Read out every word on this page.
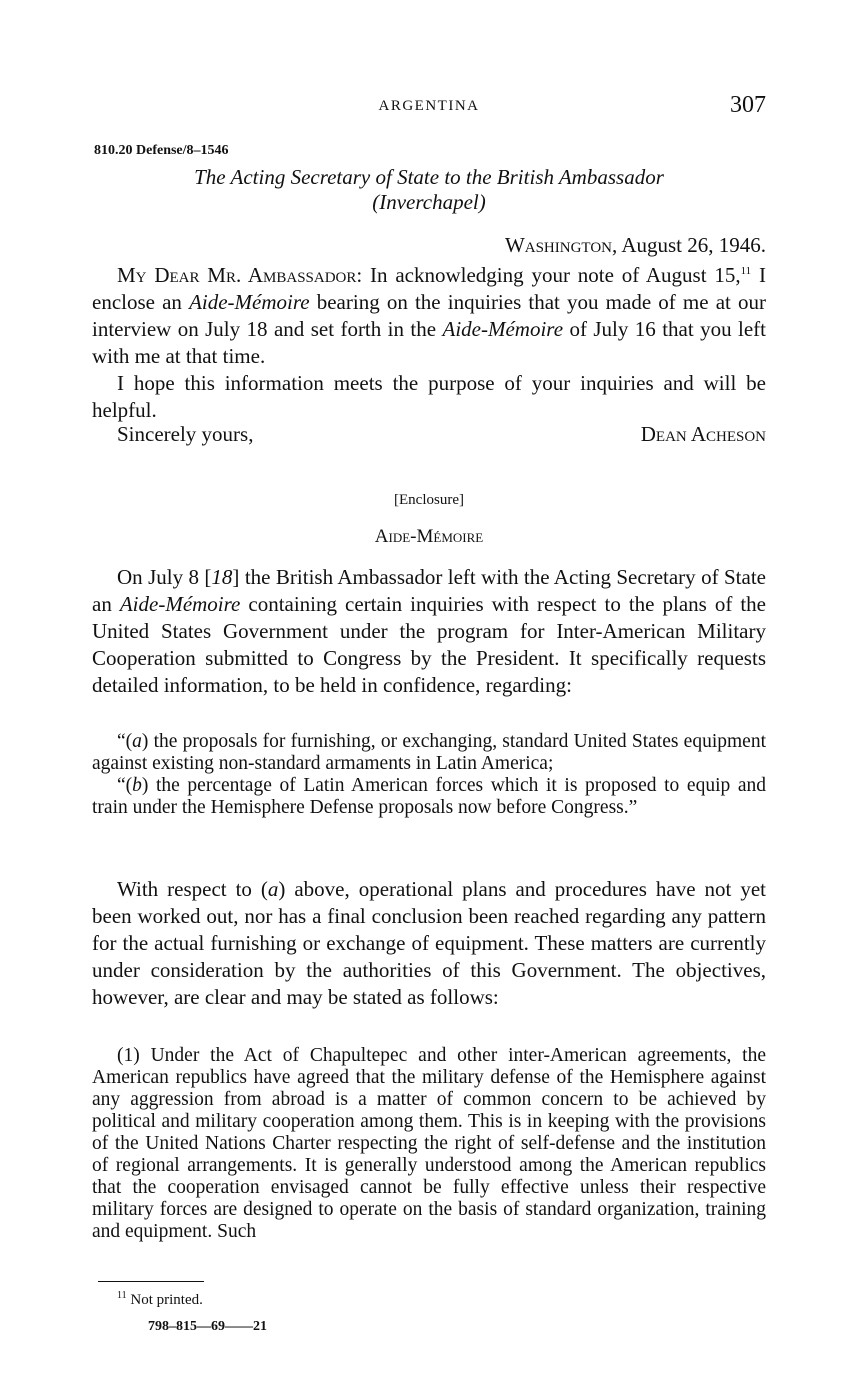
ARGENTINA	307
810.20 Defense/8–1546
The Acting Secretary of State to the British Ambassador
(Inverchapel)
Washington, August 26, 1946.

My Dear Mr. Ambassador: In acknowledging your note of August 15,11 I enclose an Aide-Mémoire bearing on the inquiries that you made of me at our interview on July 18 and set forth in the Aide-Mémoire of July 16 that you left with me at that time.

I hope this information meets the purpose of your inquiries and will be helpful.

Sincerely yours,	Dean Acheson
[Enclosure]
Aide-Mémoire

On July 8 [18] the British Ambassador left with the Acting Secretary of State an Aide-Mémoire containing certain inquiries with respect to the plans of the United States Government under the program for Inter-American Military Cooperation submitted to Congress by the President. It specifically requests detailed information, to be held in confidence, regarding:

“(a) the proposals for furnishing, or exchanging, standard United States equipment against existing non-standard armaments in Latin America;

“(b) the percentage of Latin American forces which it is proposed to equip and train under the Hemisphere Defense proposals now before Congress.”

With respect to (a) above, operational plans and procedures have not yet been worked out, nor has a final conclusion been reached regarding any pattern for the actual furnishing or exchange of equipment. These matters are currently under consideration by the authorities of this Government. The objectives, however, are clear and may be stated as follows:

(1) Under the Act of Chapultepec and other inter-American agreements, the American republics have agreed that the military defense of the Hemisphere against any aggression from abroad is a matter of common concern to be achieved by political and military cooperation among them. This is in keeping with the provisions of the United Nations Charter respecting the right of self-defense and the institution of regional arrangements. It is generally understood among the American republics that the cooperation envisaged cannot be fully effective unless their respective military forces are designed to operate on the basis of standard organization, training and equipment. Such

$^{11}$ Not printed.
798–815—69——21
